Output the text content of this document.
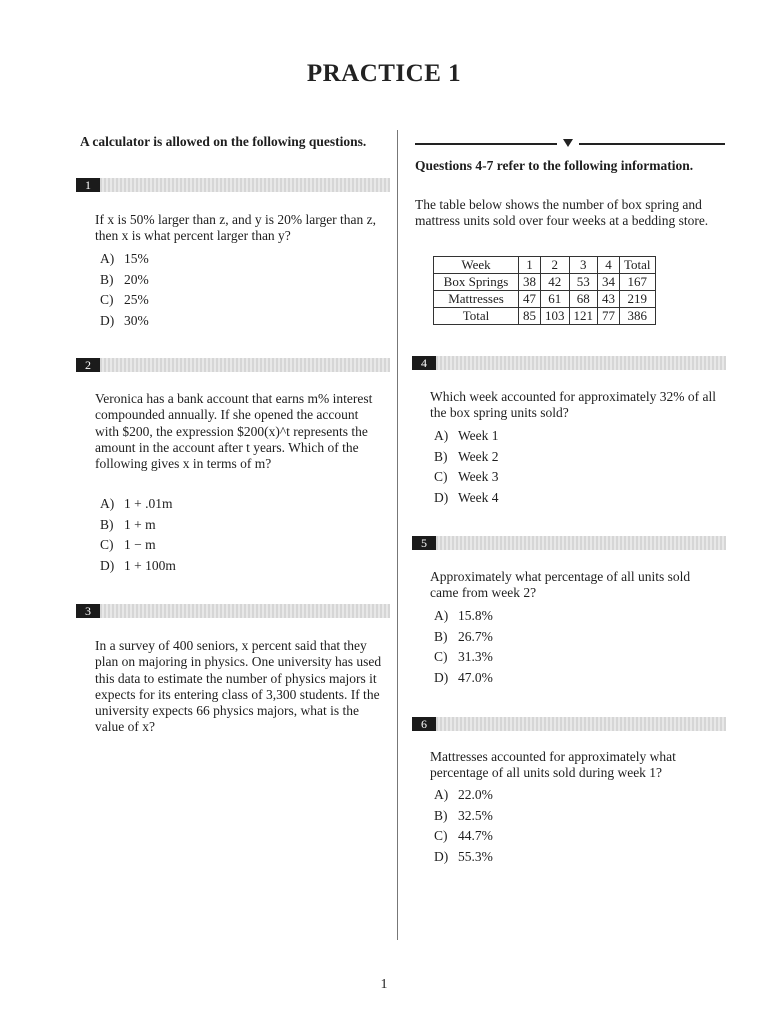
PRACTICE 1

A calculator is allowed on the following questions.

1

If x is 50% larger than z, and y is 20% larger than z, then x is what percent larger than y?

A) 15%
B) 20%
C) 25%
D) 30%
2

Veronica has a bank account that earns m% interest compounded annually. If she opened the account with $200, the expression $200(x)^t represents the amount in the account after t years. Which of the following gives x in terms of m?

A) 1 + .01m
B) 1 + m
C) 1 − m
D) 1 + 100m
3

In a survey of 400 seniors, x percent said that they plan on majoring in physics. One university has used this data to estimate the number of physics majors it expects for its entering class of 3,300 students. If the university expects 66 physics majors, what is the value of x?

Questions 4-7 refer to the following information.

The table below shows the number of box spring and mattress units sold over four weeks at a bedding store.

Week	1	2	3	4	Total
Box Springs	38	42	53	34	167
Mattresses	47	61	68	43	219
Total	85	103	121	77	386
4

Which week accounted for approximately 32% of all the box spring units sold?

A) Week 1
B) Week 2
C) Week 3
D) Week 4
5

Approximately what percentage of all units sold came from week 2?

A) 15.8%
B) 26.7%
C) 31.3%
D) 47.0%
6

Mattresses accounted for approximately what percentage of all units sold during week 1?

A) 22.0%
B) 32.5%
C) 44.7%
D) 55.3%
1
